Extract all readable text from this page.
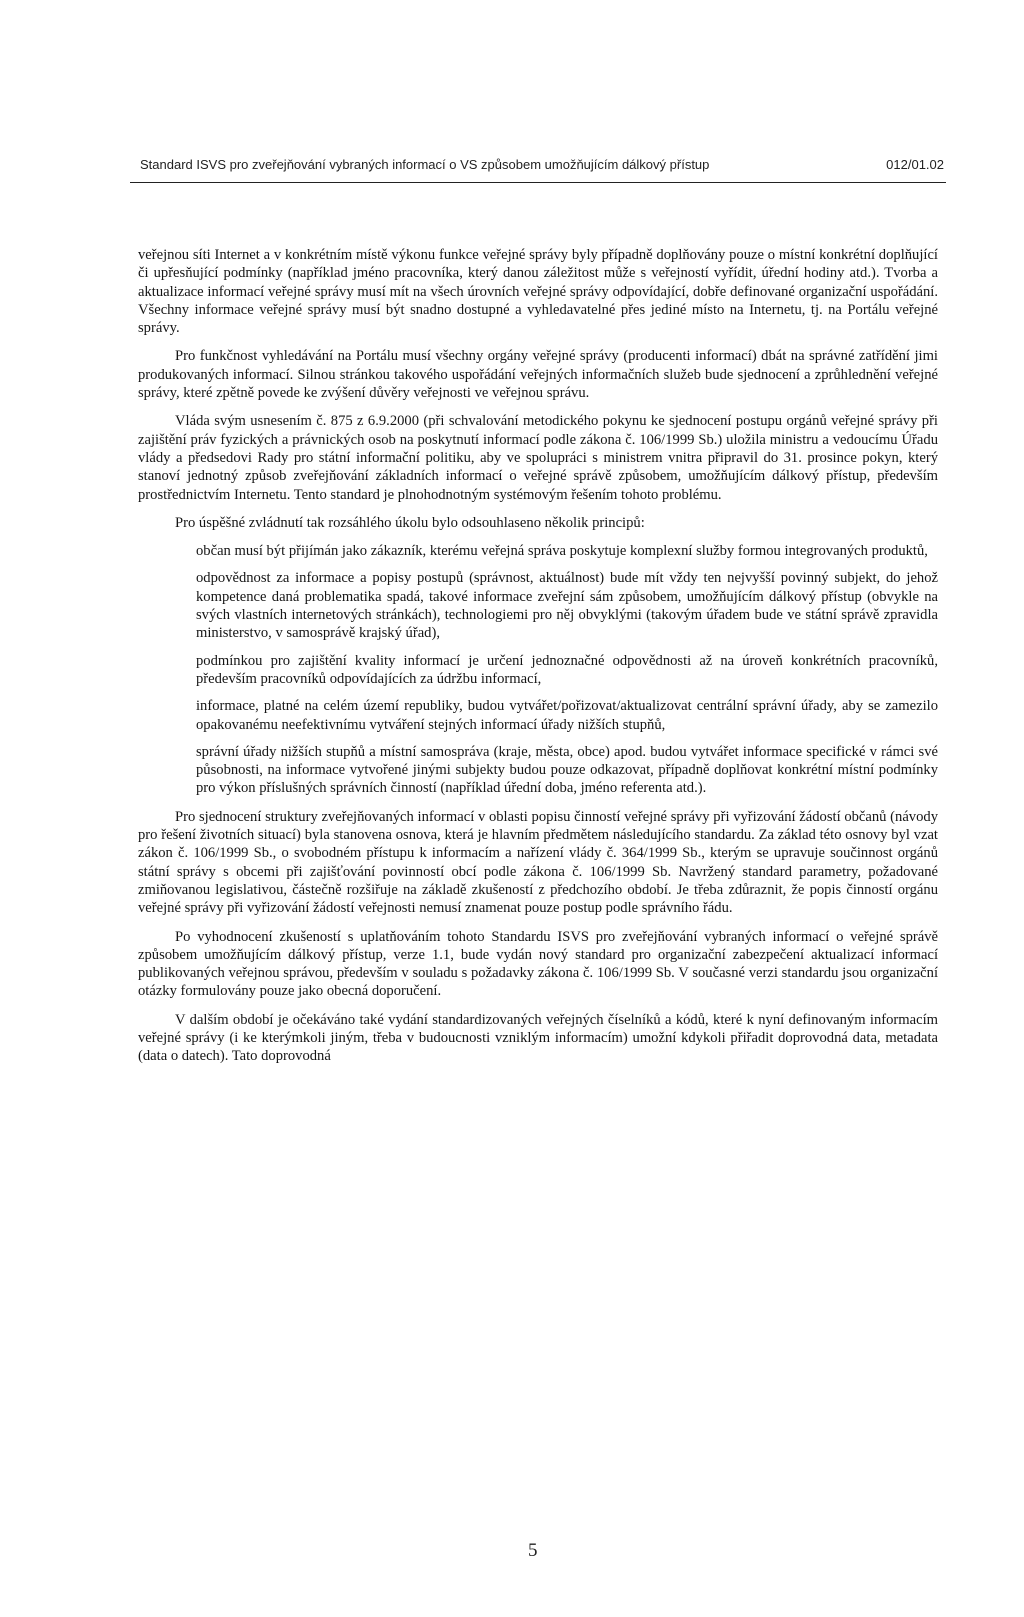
Standard ISVS pro zveřejňování vybraných informací o VS způsobem umožňujícím dálkový přístup	012/01.02

veřejnou síti Internet a v konkrétním místě výkonu funkce veřejné správy byly případně doplňovány pouze o místní konkrétní doplňující či upřesňující podmínky (například jméno pracovníka, který danou záležitost může s veřejností vyřídit, úřední hodiny atd.). Tvorba a aktualizace informací veřejné správy musí mít na všech úrovních veřejné správy odpovídající, dobře definované organizační uspořádání. Všechny informace veřejné správy musí být snadno dostupné a vyhledavatelné přes jediné místo na Internetu, tj. na Portálu veřejné správy.

Pro funkčnost vyhledávání na Portálu musí všechny orgány veřejné správy (producenti informací) dbát na správné zatřídění jimi produkovaných informací. Silnou stránkou takového uspořádání veřejných informačních služeb bude sjednocení a zprůhlednění veřejné správy, které zpětně povede ke zvýšení důvěry veřejnosti ve veřejnou správu.

Vláda svým usnesením č. 875 z 6.9.2000 (při schvalování metodického pokynu ke sjednocení postupu orgánů veřejné správy při zajištění práv fyzických a právnických osob na poskytnutí informací podle zákona č. 106/1999 Sb.) uložila ministru a vedoucímu Úřadu vlády a předsedovi Rady pro státní informační politiku, aby ve spolupráci s ministrem vnitra připravil do 31. prosince pokyn, který stanoví jednotný způsob zveřejňování základních informací o veřejné správě způsobem, umožňujícím dálkový přístup, především prostřednictvím Internetu. Tento standard je plnohodnotným systémovým řešením tohoto problému.

Pro úspěšné zvládnutí tak rozsáhlého úkolu bylo odsouhlaseno několik principů:

občan musí být přijímán jako zákazník, kterému veřejná správa poskytuje komplexní služby formou integrovaných produktů,
odpovědnost za informace a popisy postupů (správnost, aktuálnost) bude mít vždy ten nejvyšší povinný subjekt, do jehož kompetence daná problematika spadá, takové informace zveřejní sám způsobem, umožňujícím dálkový přístup (obvykle na svých vlastních internetových stránkách), technologiemi pro něj obvyklými (takovým úřadem bude ve státní správě zpravidla ministerstvo, v samosprávě krajský úřad),
podmínkou pro zajištění kvality informací je určení jednoznačné odpovědnosti až na úroveň konkrétních pracovníků, především pracovníků odpovídajících za údržbu informací,
informace, platné na celém území republiky, budou vytvářet/pořizovat/aktualizovat centrální správní úřady, aby se zamezilo opakovanému neefektivnímu vytváření stejných informací úřady nižších stupňů,
správní úřady nižších stupňů a místní samospráva (kraje, města, obce) apod. budou vytvářet informace specifické v rámci své působnosti, na informace vytvořené jinými subjekty budou pouze odkazovat, případně doplňovat konkrétní místní podmínky pro výkon příslušných správních činností (například úřední doba, jméno referenta atd.).

Pro sjednocení struktury zveřejňovaných informací v oblasti popisu činností veřejné správy při vyřizování žádostí občanů (návody pro řešení životních situací) byla stanovena osnova, která je hlavním předmětem následujícího standardu. Za základ této osnovy byl vzat zákon č. 106/1999 Sb., o svobodném přístupu k informacím a nařízení vlády č. 364/1999 Sb., kterým se upravuje součinnost orgánů státní správy s obcemi při zajišťování povinností obcí podle zákona č. 106/1999 Sb. Navržený standard parametry, požadované zmiňovanou legislativou, částečně rozšiřuje na základě zkušeností z předchozího období. Je třeba zdůraznit, že popis činností orgánu veřejné správy při vyřizování žádostí veřejnosti nemusí znamenat pouze postup podle správního řádu.

Po vyhodnocení zkušeností s uplatňováním tohoto Standardu ISVS pro zveřejňování vybraných informací o veřejné správě způsobem umožňujícím dálkový přístup, verze 1.1, bude vydán nový standard pro organizační zabezpečení aktualizací informací publikovaných veřejnou správou, především v souladu s požadavky zákona č. 106/1999 Sb. V současné verzi standardu jsou organizační otázky formulovány pouze jako obecná doporučení.

V dalším období je očekáváno také vydání standardizovaných veřejných číselníků a kódů, které k nyní definovaným informacím veřejné správy (i ke kterýmkoli jiným, třeba v budoucnosti vzniklým informacím) umožní kdykoli přiřadit doprovodná data, metadata (data o datech). Tato doprovodná

5
